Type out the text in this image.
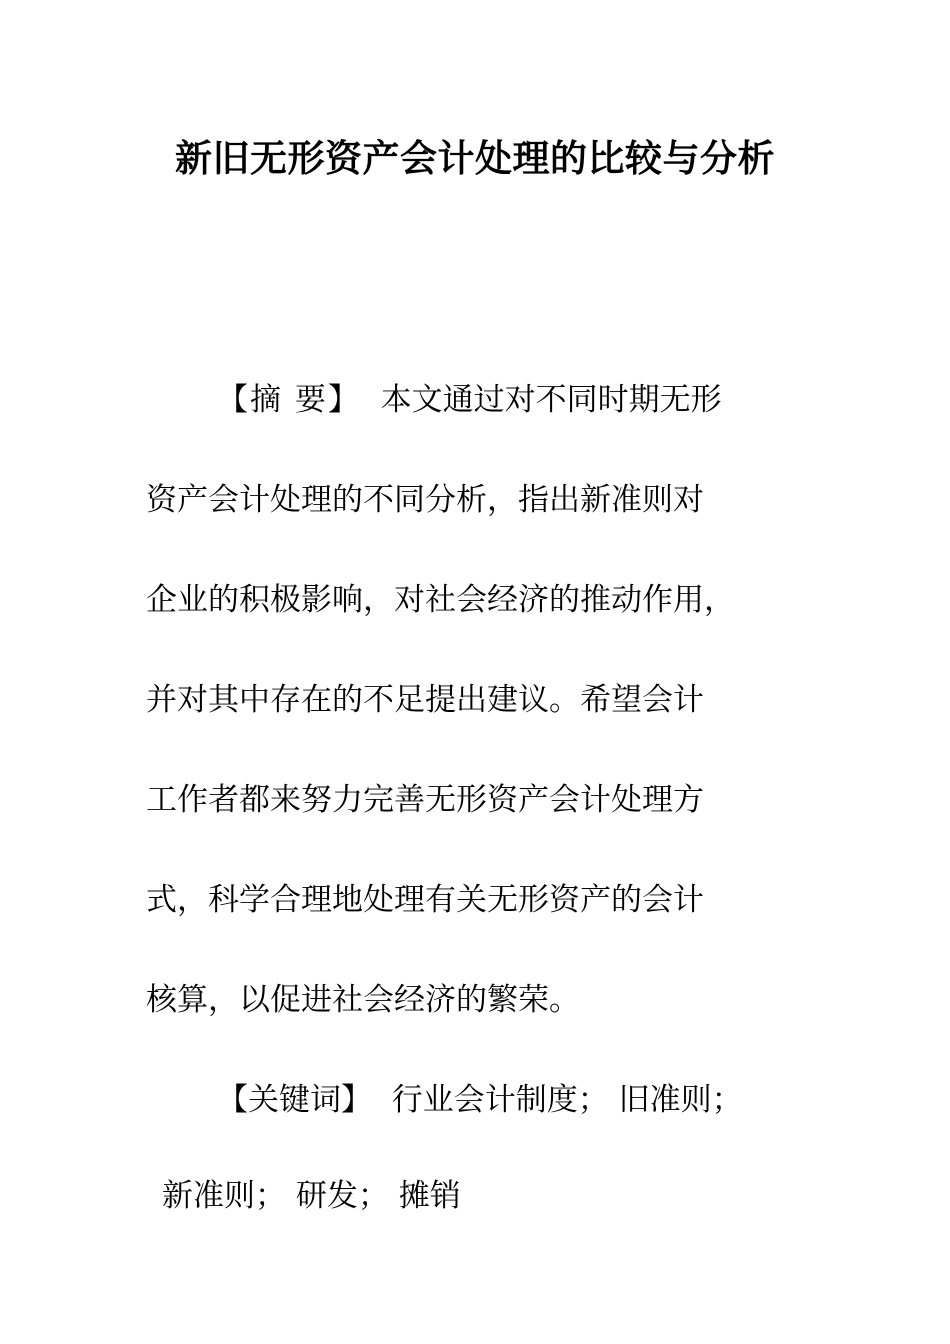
新旧无形资产会计处理的比较与分析

【摘 要】 本文通过对不同时期无形

资产会计处理的不同分析，指出新准则对

企业的积极影响，对社会经济的推动作用，

并对其中存在的不足提出建议。希望会计

工作者都来努力完善无形资产会计处理方

式，科学合理地处理有关无形资产的会计

核算，以促进社会经济的繁荣。

【关键词】 行业会计制度； 旧准则；

新准则； 研发； 摊销
